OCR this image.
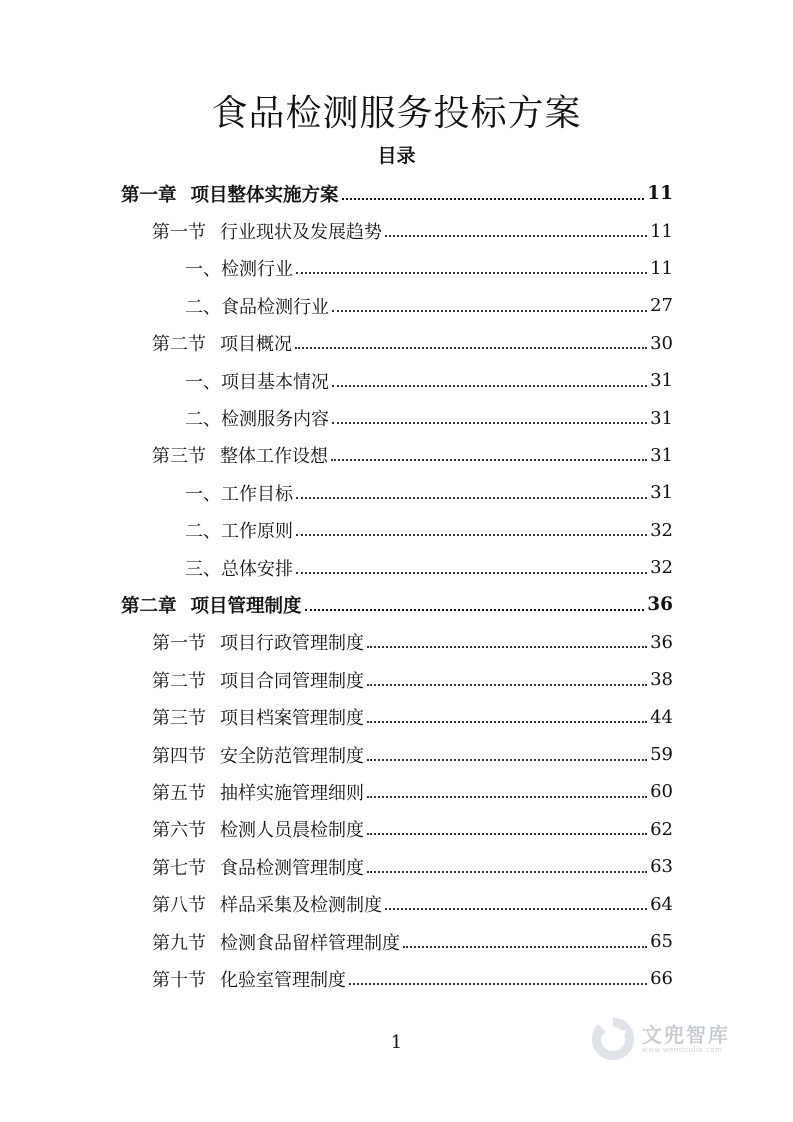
食品检测服务投标方案
目录
第一章 项目整体实施方案	11
第一节 行业现状及发展趋势	11
一、 检测行业	11
二、 食品检测行业	27
第二节 项目概况	30
一、 项目基本情况	31
二、 检测服务内容	31
第三节 整体工作设想	31
一、 工作目标	31
二、 工作原则	32
三、 总体安排	32
第二章 项目管理制度	36
第一节 项目行政管理制度	36
第二节 项目合同管理制度	38
第三节 项目档案管理制度	44
第四节 安全防范管理制度	59
第五节 抽样实施管理细则	60
第六节 检测人员晨检制度	62
第七节 食品检测管理制度	63
第八节 样品采集及检测制度	64
第九节 检测食品留样管理制度	65
第十节 化验室管理制度	66
1	文兜智库
www.wendoulib.com
